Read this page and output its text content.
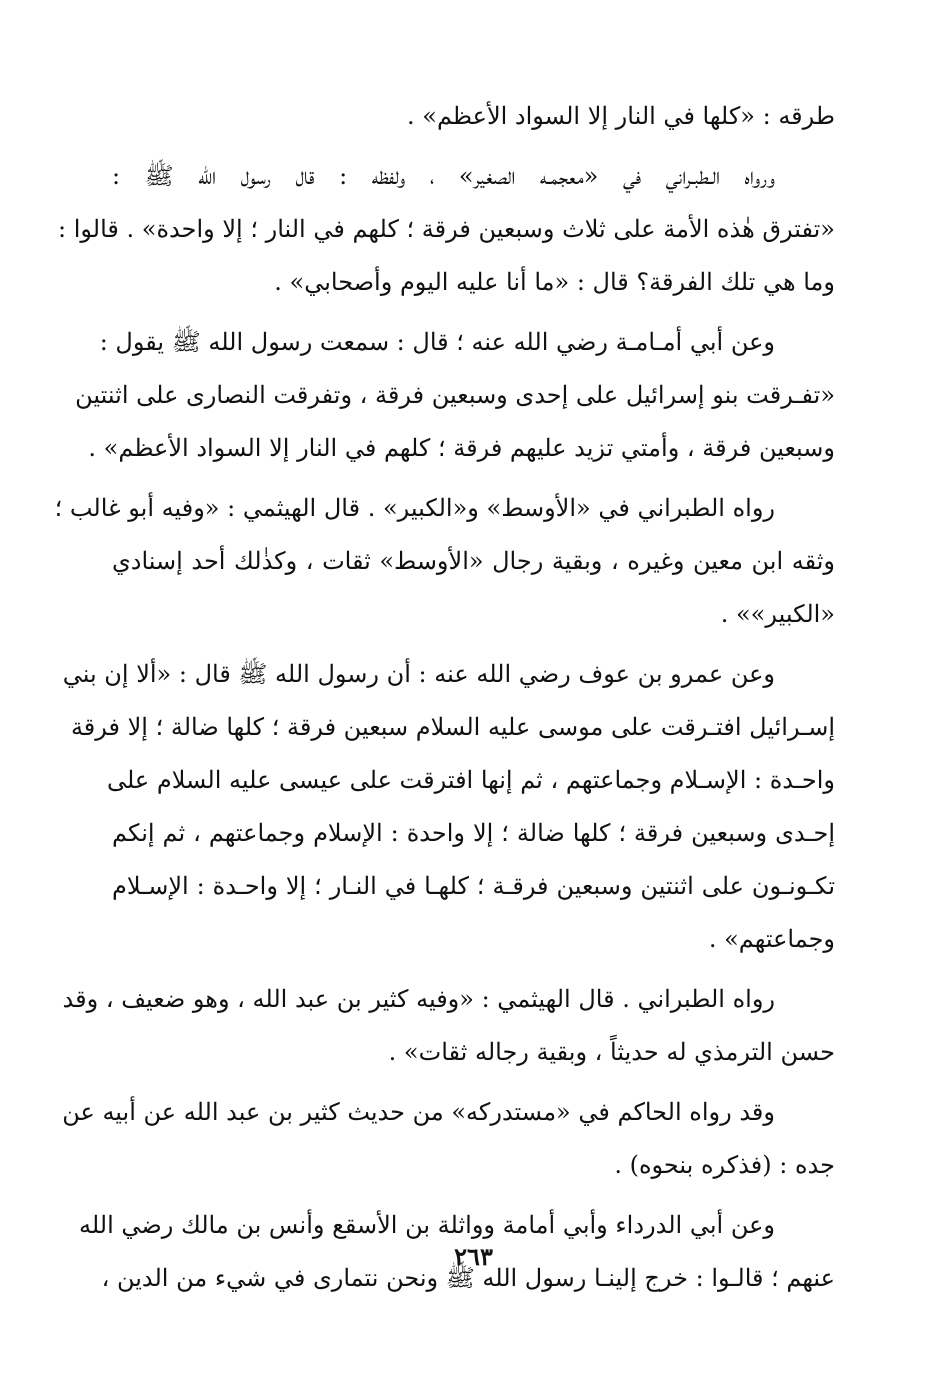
طرقه : «كلها في النار إلا السواد الأعظم» .
ورواه الـطبـراني في «معجمـه الصغير» ، ولفظه : قال رسول الله ﷺ :
«تفترق هٰذه الأمة على ثلاث وسبعين فرقة ؛ كلهم في النار ؛ إلا واحدة» . قالوا :
وما هي تلك الفرقة؟ قال : «ما أنا عليه اليوم وأصحابي» .
وعن أبي أمـامـة رضي الله عنه ؛ قال : سمعت رسول الله ﷺ يقول :
«تفـرقت بنو إسرائيل على إحدى وسبعين فرقة ، وتفرقت النصارى على اثنتين
وسبعين فرقة ، وأمتي تزيد عليهم فرقة ؛ كلهم في النار إلا السواد الأعظم» .
رواه الطبراني في «الأوسط» و«الكبير» . قال الهيثمي : «وفيه أبو غالب ؛
وثقه ابن معين وغيره ، وبقية رجال «الأوسط» ثقات ، وكذٰلك أحد إسنادي
«الكبير»» .
وعن عمرو بن عوف رضي الله عنه : أن رسول الله ﷺ قال : «ألا إن بني
إسـرائيل افتـرقت على موسى عليه السلام سبعين فرقة ؛ كلها ضالة ؛ إلا فرقة
واحـدة : الإسـلام وجماعتهم ، ثم إنها افترقت على عيسى عليه السلام على
إحـدى وسبعين فرقة ؛ كلها ضالة ؛ إلا واحدة : الإسلام وجماعتهم ، ثم إنكم
تكـونـون على اثنتين وسبعين فرقـة ؛ كلهـا في النـار ؛ إلا واحـدة : الإسـلام
وجماعتهم» .
رواه الطبراني . قال الهيثمي : «وفيه كثير بن عبد الله ، وهو ضعيف ، وقد
حسن الترمذي له حديثاً ، وبقية رجاله ثقات» .
وقد رواه الحاكم في «مستدركه» من حديث كثير بن عبد الله عن أبيه عن
جده : (فذكره بنحوه) .
وعن أبي الدرداء وأبي أمامة وواثلة بن الأسقع وأنس بن مالك رضي الله
عنهم ؛ قالـوا : خرج إلينـا رسول الله ﷺ ونحن نتمارى في شيء من الدين ،
٢٦٣
